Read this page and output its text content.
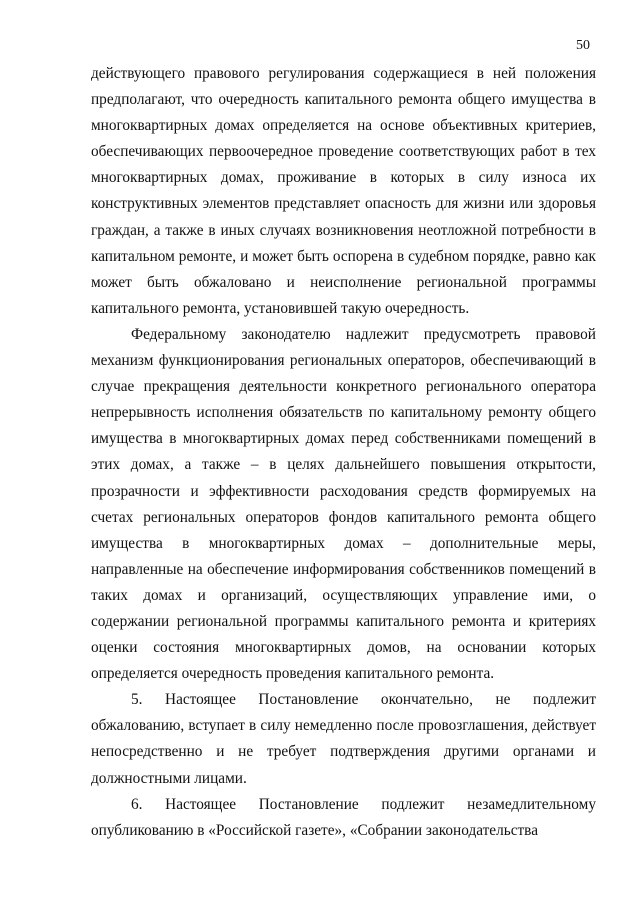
50

действующего правового регулирования содержащиеся в ней положения предполагают, что очередность капитального ремонта общего имущества в многоквартирных домах определяется на основе объективных критериев, обеспечивающих первоочередное проведение соответствующих работ в тех многоквартирных домах, проживание в которых в силу износа их конструктивных элементов представляет опасность для жизни или здоровья граждан, а также в иных случаях возникновения неотложной потребности в капитальном ремонте, и может быть оспорена в судебном порядке, равно как может быть обжаловано и неисполнение региональной программы капитального ремонта, установившей такую очередность.

Федеральному законодателю надлежит предусмотреть правовой механизм функционирования региональных операторов, обеспечивающий в случае прекращения деятельности конкретного регионального оператора непрерывность исполнения обязательств по капитальному ремонту общего имущества в многоквартирных домах перед собственниками помещений в этих домах, а также – в целях дальнейшего повышения открытости, прозрачности и эффективности расходования средств формируемых на счетах региональных операторов фондов капитального ремонта общего имущества в многоквартирных домах – дополнительные меры, направленные на обеспечение информирования собственников помещений в таких домах и организаций, осуществляющих управление ими, о содержании региональной программы капитального ремонта и критериях оценки состояния многоквартирных домов, на основании которых определяется очередность проведения капитального ремонта.

5. Настоящее Постановление окончательно, не подлежит обжалованию, вступает в силу немедленно после провозглашения, действует непосредственно и не требует подтверждения другими органами и должностными лицами.

6. Настоящее Постановление подлежит незамедлительному опубликованию в «Российской газете», «Собрании законодательства
